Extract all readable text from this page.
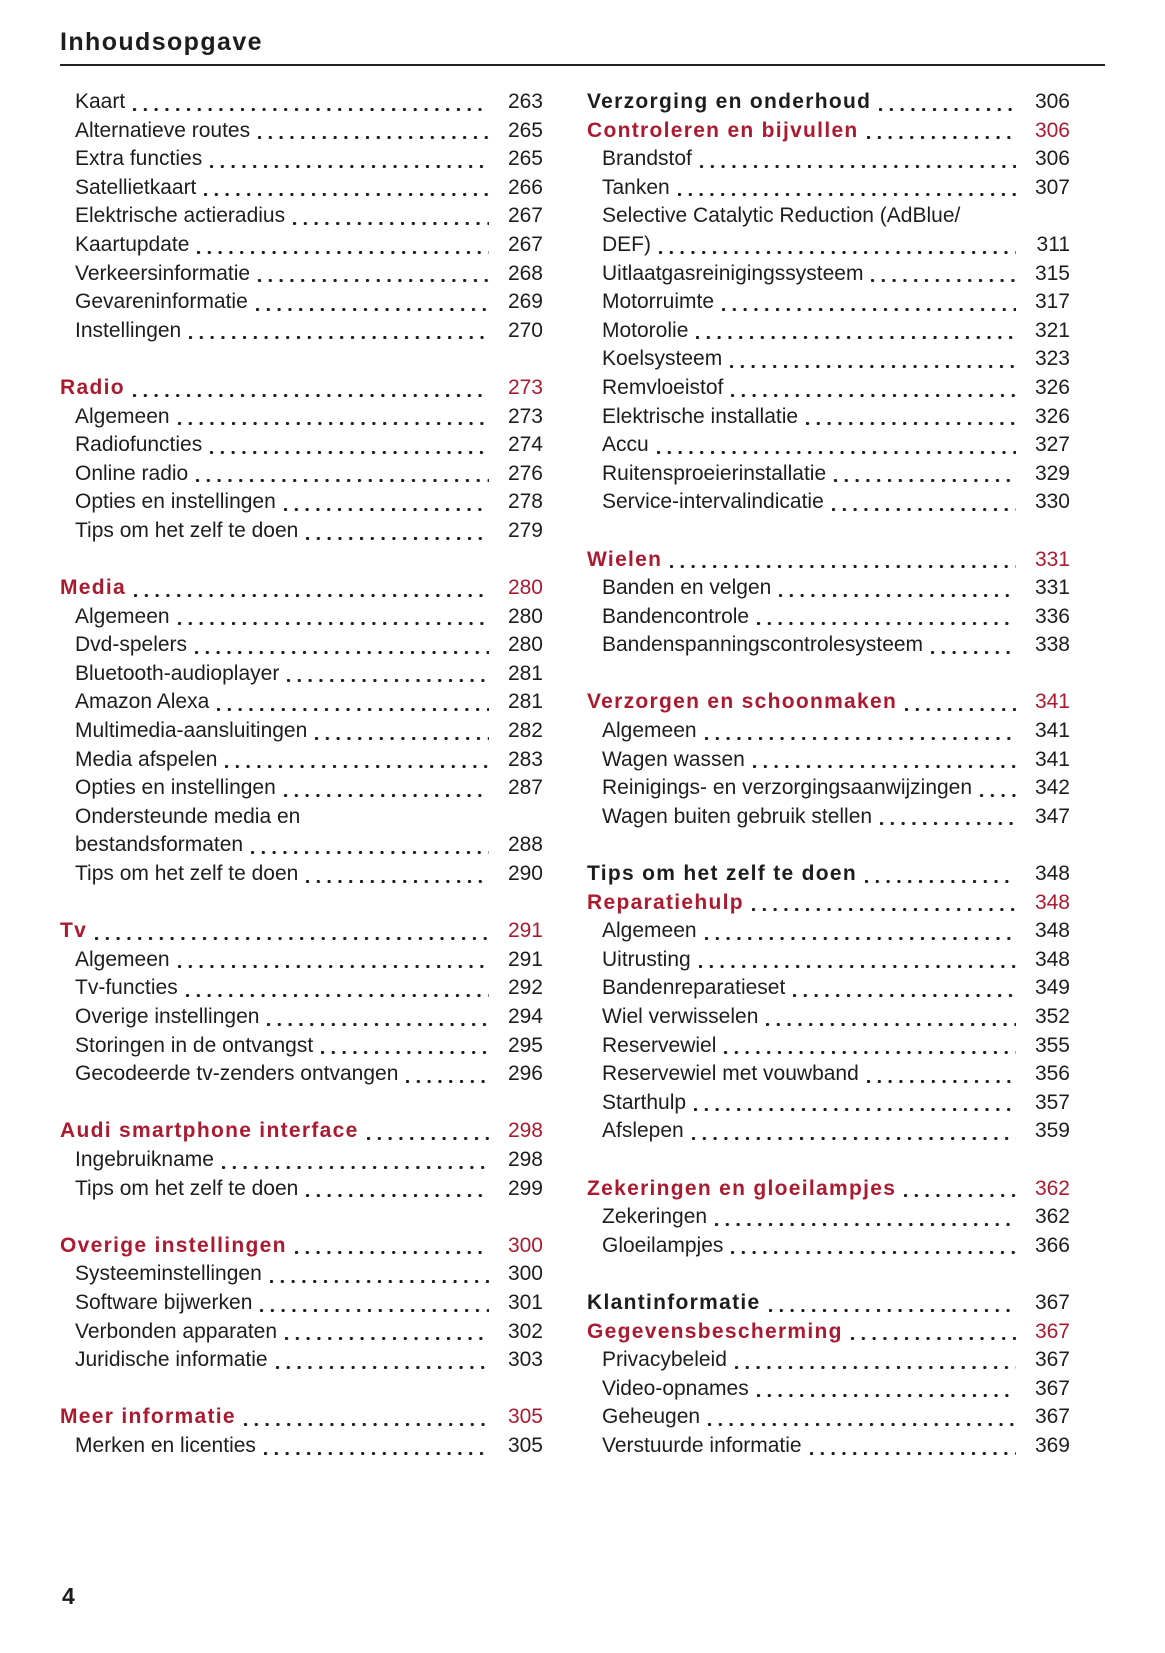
Inhoudsopgave
Kaart	263
Alternatieve routes	265
Extra functies	265
Satellietkaart	266
Elektrische actieradius	267
Kaartupdate	267
Verkeersinformatie	268
Gevareninformatie	269
Instellingen	270
Radio	273
Algemeen	273
Radiofuncties	274
Online radio	276
Opties en instellingen	278
Tips om het zelf te doen	279
Media	280
Algemeen	280
Dvd-spelers	280
Bluetooth-audioplayer	281
Amazon Alexa	281
Multimedia-aansluitingen	282
Media afspelen	283
Opties en instellingen	287
Ondersteunde media en
bestandsformaten	288
Tips om het zelf te doen	290
Tv	291
Algemeen	291
Tv-functies	292
Overige instellingen	294
Storingen in de ontvangst	295
Gecodeerde tv-zenders ontvangen	296
Audi smartphone interface	298
Ingebruikname	298
Tips om het zelf te doen	299
Overige instellingen	300
Systeeminstellingen	300
Software bijwerken	301
Verbonden apparaten	302
Juridische informatie	303
Meer informatie	305
Merken en licenties	305
Verzorging en onderhoud	306
Controleren en bijvullen	306
Brandstof	306
Tanken	307
Selective Catalytic Reduction (AdBlue/
DEF)	311
Uitlaatgasreinigingssysteem	315
Motorruimte	317
Motorolie	321
Koelsysteem	323
Remvloeistof	326
Elektrische installatie	326
Accu	327
Ruitensproeierinstallatie	329
Service-intervalindicatie	330
Wielen	331
Banden en velgen	331
Bandencontrole	336
Bandenspanningscontrolesysteem	338
Verzorgen en schoonmaken	341
Algemeen	341
Wagen wassen	341
Reinigings- en verzorgingsaanwijzingen	342
Wagen buiten gebruik stellen	347
Tips om het zelf te doen	348
Reparatiehulp	348
Algemeen	348
Uitrusting	348
Bandenreparatieset	349
Wiel verwisselen	352
Reservewiel	355
Reservewiel met vouwband	356
Starthulp	357
Afslepen	359
Zekeringen en gloeilampjes	362
Zekeringen	362
Gloeilampjes	366
Klantinformatie	367
Gegevensbescherming	367
Privacybeleid	367
Video-opnames	367
Geheugen	367
Verstuurde informatie	369
4
